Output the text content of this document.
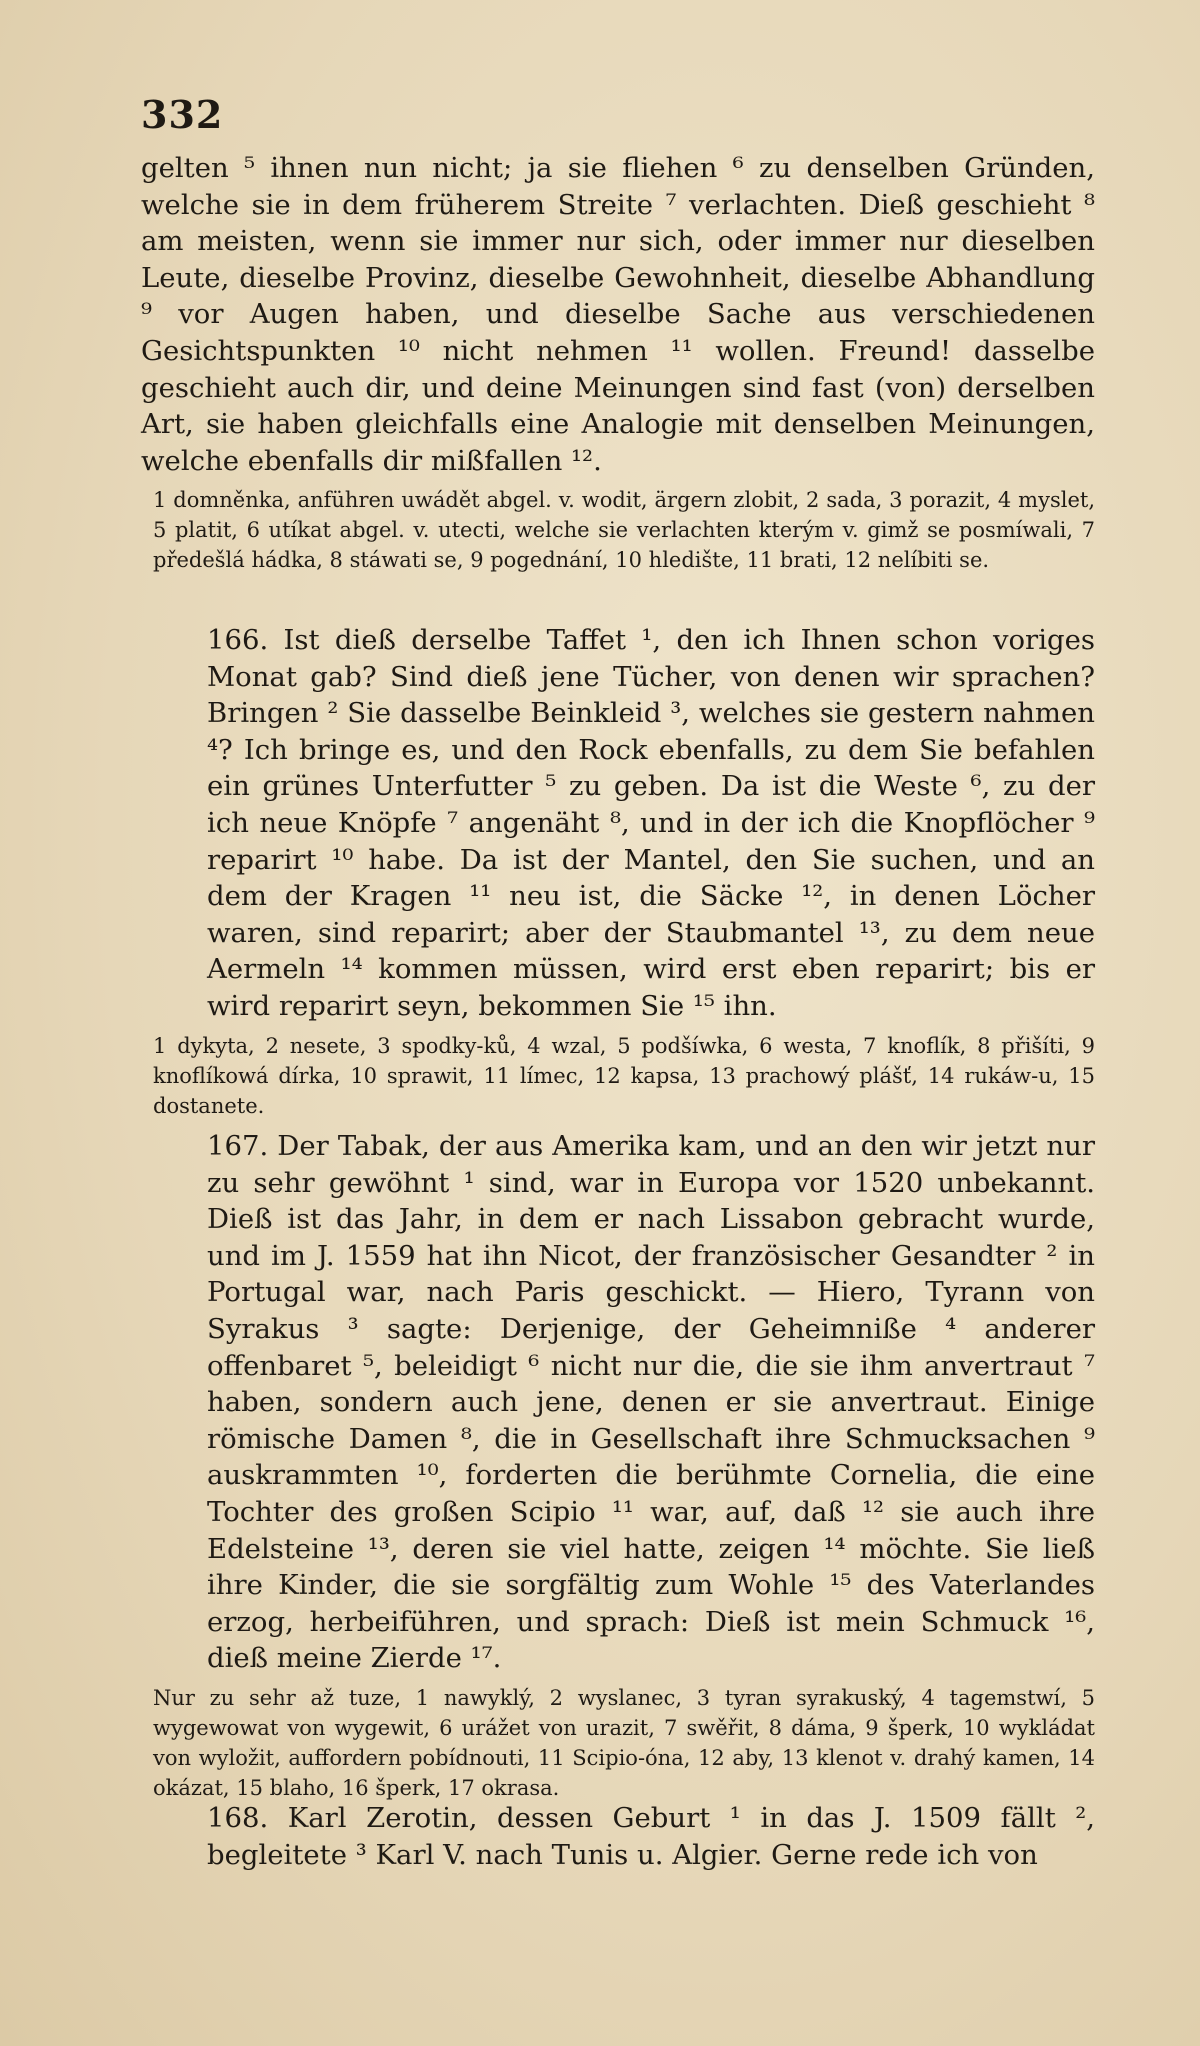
332

gelten ⁵ ihnen nun nicht; ja sie fliehen ⁶ zu denselben Gründen, welche sie in dem früherem Streite ⁷ verlachten. Dieß geschieht ⁸ am meisten, wenn sie immer nur sich, oder immer nur dieselben Leute, dieselbe Provinz, dieselbe Gewohnheit, dieselbe Abhandlung ⁹ vor Augen haben, und dieselbe Sache aus verschiedenen Gesichtspunkten ¹⁰ nicht nehmen ¹¹ wollen. Freund! dasselbe geschieht auch dir, und deine Meinungen sind fast (von) derselben Art, sie haben gleichfalls eine Analogie mit denselben Meinungen, welche ebenfalls dir mißfallen ¹².

1 domněnka, anführen uwádět abgel. v. wodit, ärgern zlobit, 2 sada, 3 porazit, 4 myslet, 5 platit, 6 utíkat abgel. v. utecti, welche sie verlachten kterým v. gimž se posmíwali, 7 předešlá hádka, 8 stáwati se, 9 pogednání, 10 hledište, 11 brati, 12 nelíbiti se.

166. Ist dieß derselbe Taffet ¹, den ich Ihnen schon voriges Monat gab? Sind dieß jene Tücher, von denen wir sprachen? Bringen ² Sie dasselbe Beinkleid ³, welches sie gestern nahmen ⁴? Ich bringe es, und den Rock ebenfalls, zu dem Sie befahlen ein grünes Unterfutter ⁵ zu geben. Da ist die Weste ⁶, zu der ich neue Knöpfe ⁷ angenäht ⁸, und in der ich die Knopflöcher ⁹ reparirt ¹⁰ habe. Da ist der Mantel, den Sie suchen, und an dem der Kragen ¹¹ neu ist, die Säcke ¹², in denen Löcher waren, sind reparirt; aber der Staubmantel ¹³, zu dem neue Aermeln ¹⁴ kommen müssen, wird erst eben reparirt; bis er wird reparirt seyn, bekommen Sie ¹⁵ ihn.

1 dykyta, 2 nesete, 3 spodky-ků, 4 wzal, 5 podšíwka, 6 westa, 7 knoflík, 8 přišíti, 9 knoflíkowá dírka, 10 sprawit, 11 límec, 12 kapsa, 13 prachowý plášť, 14 rukáw-u, 15 dostanete.

167. Der Tabak, der aus Amerika kam, und an den wir jetzt nur zu sehr gewöhnt ¹ sind, war in Europa vor 1520 unbekannt. Dieß ist das Jahr, in dem er nach Lissabon gebracht wurde, und im J. 1559 hat ihn Nicot, der französischer Gesandter ² in Portugal war, nach Paris geschickt. — Hiero, Tyrann von Syrakus ³ sagte: Derjenige, der Geheimniße ⁴ anderer offenbaret ⁵, beleidigt ⁶ nicht nur die, die sie ihm anvertraut ⁷ haben, sondern auch jene, denen er sie anvertraut. Einige römische Damen ⁸, die in Gesellschaft ihre Schmucksachen ⁹ auskrammten ¹⁰, forderten die berühmte Cornelia, die eine Tochter des großen Scipio ¹¹ war, auf, daß ¹² sie auch ihre Edelsteine ¹³, deren sie viel hatte, zeigen ¹⁴ möchte. Sie ließ ihre Kinder, die sie sorgfältig zum Wohle ¹⁵ des Vaterlandes erzog, herbeiführen, und sprach: Dieß ist mein Schmuck ¹⁶, dieß meine Zierde ¹⁷.

Nur zu sehr až tuze, 1 nawyklý, 2 wyslanec, 3 tyran syrakuský, 4 tagemstwí, 5 wygewowat von wygewit, 6 urážet von urazit, 7 swěřit, 8 dáma, 9 šperk, 10 wykládat von wyložit, auffordern pobídnouti, 11 Scipio-óna, 12 aby, 13 klenot v. drahý kamen, 14 okázat, 15 blaho, 16 šperk, 17 okrasa.

168. Karl Zerotin, dessen Geburt ¹ in das J. 1509 fällt ², begleitete ³ Karl V. nach Tunis u. Algier. Gerne rede ich von
